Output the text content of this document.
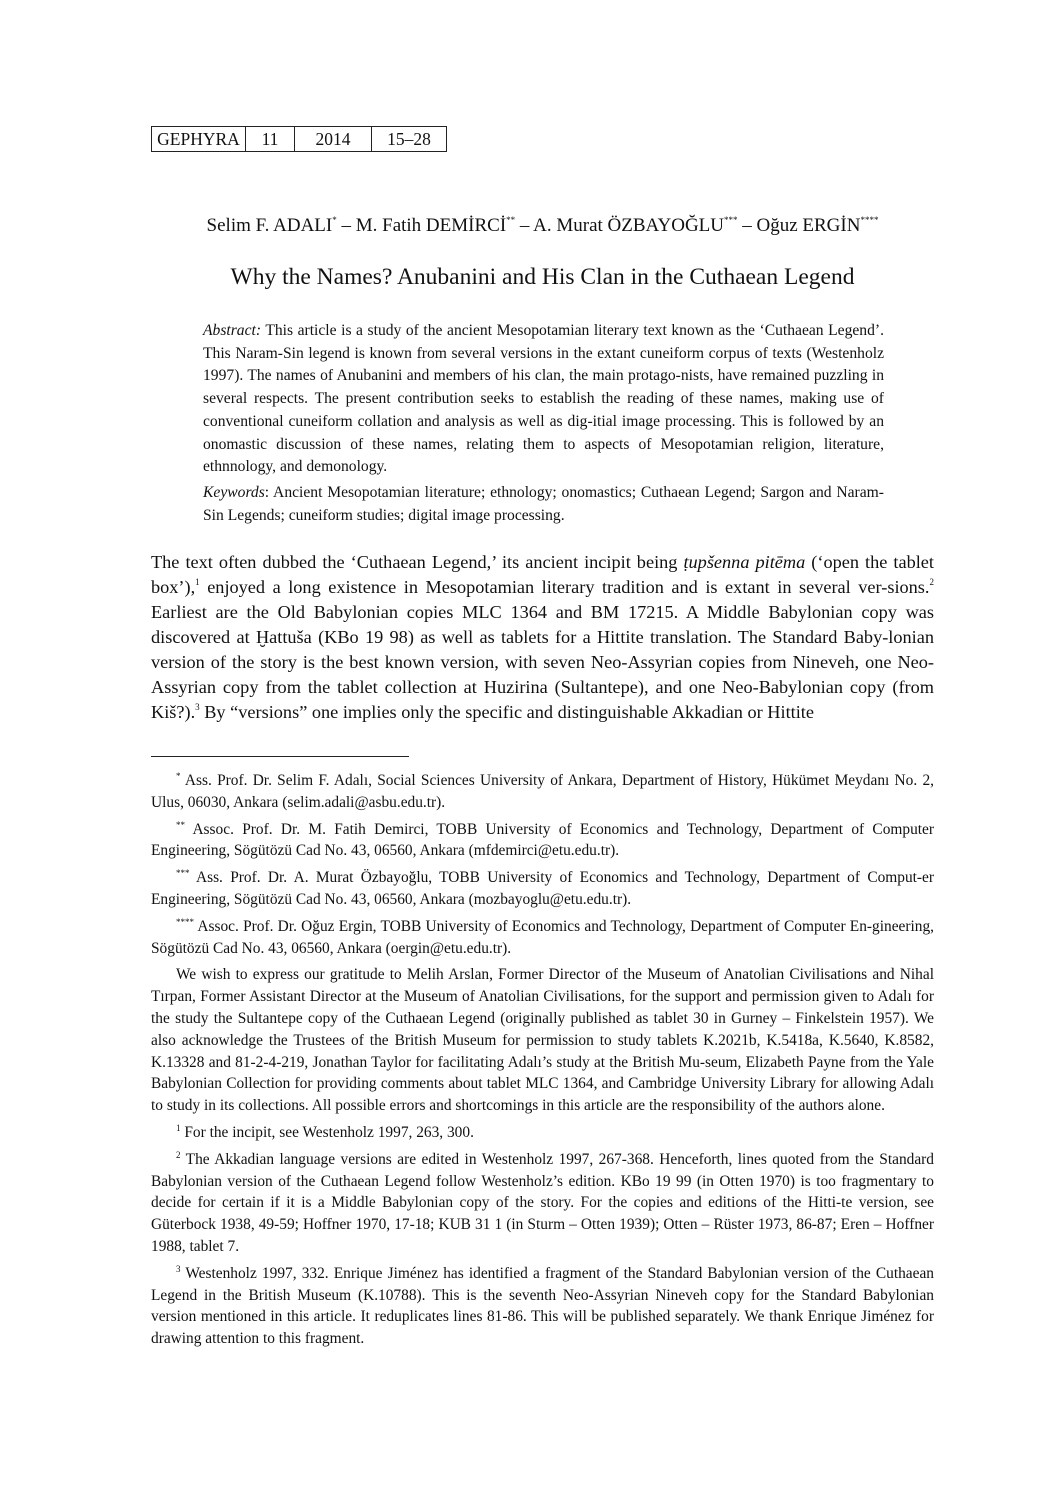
GEPHYRA	11	2014	15–28
Selim F. ADALI* – M. Fatih DEMİRCİ** – A. Murat ÖZBAYOĞLU*** – Oğuz ERGİN****
Why the Names? Anubanini and His Clan in the Cuthaean Legend

Abstract: This article is a study of the ancient Mesopotamian literary text known as the ‘Cuthaean Legend’. This Naram-Sin legend is known from several versions in the extant cuneiform corpus of texts (Westenholz 1997). The names of Anubanini and members of his clan, the main protago-nists, have remained puzzling in several respects. The present contribution seeks to establish the reading of these names, making use of conventional cuneiform collation and analysis as well as dig-itial image processing. This is followed by an onomastic discussion of these names, relating them to aspects of Mesopotamian religion, literature, ethnnology, and demonology.

Keywords: Ancient Mesopotamian literature; ethnology; onomastics; Cuthaean Legend; Sargon and Naram-Sin Legends; cuneiform studies; digital image processing.

The text often dubbed the ‘Cuthaean Legend,’ its ancient incipit being ṭupšenna pitēma (‘open the tablet box’),$^1$ enjoyed a long existence in Mesopotamian literary tradition and is extant in several ver-sions.$^2$ Earliest are the Old Babylonian copies MLC 1364 and BM 17215. A Middle Babylonian copy was discovered at Ḫattuša (KBo 19 98) as well as tablets for a Hittite translation. The Standard Baby-lonian version of the story is the best known version, with seven Neo-Assyrian copies from Nineveh, one Neo-Assyrian copy from the tablet collection at Huzirina (Sultantepe), and one Neo-Babylonian copy (from Kiš?).$^3$ By “versions” one implies only the specific and distinguishable Akkadian or Hittite

* Ass. Prof. Dr. Selim F. Adalı, Social Sciences University of Ankara, Department of History, Hükümet Meydanı No. 2, Ulus, 06030, Ankara (selim.adali@asbu.edu.tr).

** Assoc. Prof. Dr. M. Fatih Demirci, TOBB University of Economics and Technology, Department of Computer Engineering, Sögütözü Cad No. 43, 06560, Ankara (mfdemirci@etu.edu.tr).

*** Ass. Prof. Dr. A. Murat Özbayoğlu, TOBB University of Economics and Technology, Department of Comput-er Engineering, Sögütözü Cad No. 43, 06560, Ankara (mozbayoglu@etu.edu.tr).

**** Assoc. Prof. Dr. Oğuz Ergin, TOBB University of Economics and Technology, Department of Computer En-gineering, Sögütözü Cad No. 43, 06560, Ankara (oergin@etu.edu.tr).

We wish to express our gratitude to Melih Arslan, Former Director of the Museum of Anatolian Civilisations and Nihal Tırpan, Former Assistant Director at the Museum of Anatolian Civilisations, for the support and permission given to Adalı for the study the Sultantepe copy of the Cuthaean Legend (originally published as tablet 30 in Gurney – Finkelstein 1957). We also acknowledge the Trustees of the British Museum for permission to study tablets K.2021b, K.5418a, K.5640, K.8582, K.13328 and 81-2-4-219, Jonathan Taylor for facilitating Adalı’s study at the British Mu-seum, Elizabeth Payne from the Yale Babylonian Collection for providing comments about tablet MLC 1364, and Cambridge University Library for allowing Adalı to study in its collections. All possible errors and shortcomings in this article are the responsibility of the authors alone.

$^1$ For the incipit, see Westenholz 1997, 263, 300.

$^2$ The Akkadian language versions are edited in Westenholz 1997, 267-368. Henceforth, lines quoted from the Standard Babylonian version of the Cuthaean Legend follow Westenholz’s edition. KBo 19 99 (in Otten 1970) is too fragmentary to decide for certain if it is a Middle Babylonian copy of the story. For the copies and editions of the Hitti-te version, see Güterbock 1938, 49-59; Hoffner 1970, 17-18; KUB 31 1 (in Sturm – Otten 1939); Otten – Rüster 1973, 86-87; Eren – Hoffner 1988, tablet 7.

$^3$ Westenholz 1997, 332. Enrique Jiménez has identified a fragment of the Standard Babylonian version of the Cuthaean Legend in the British Museum (K.10788). This is the seventh Neo-Assyrian Nineveh copy for the Standard Babylonian version mentioned in this article. It reduplicates lines 81-86. This will be published separately. We thank Enrique Jiménez for drawing attention to this fragment.
